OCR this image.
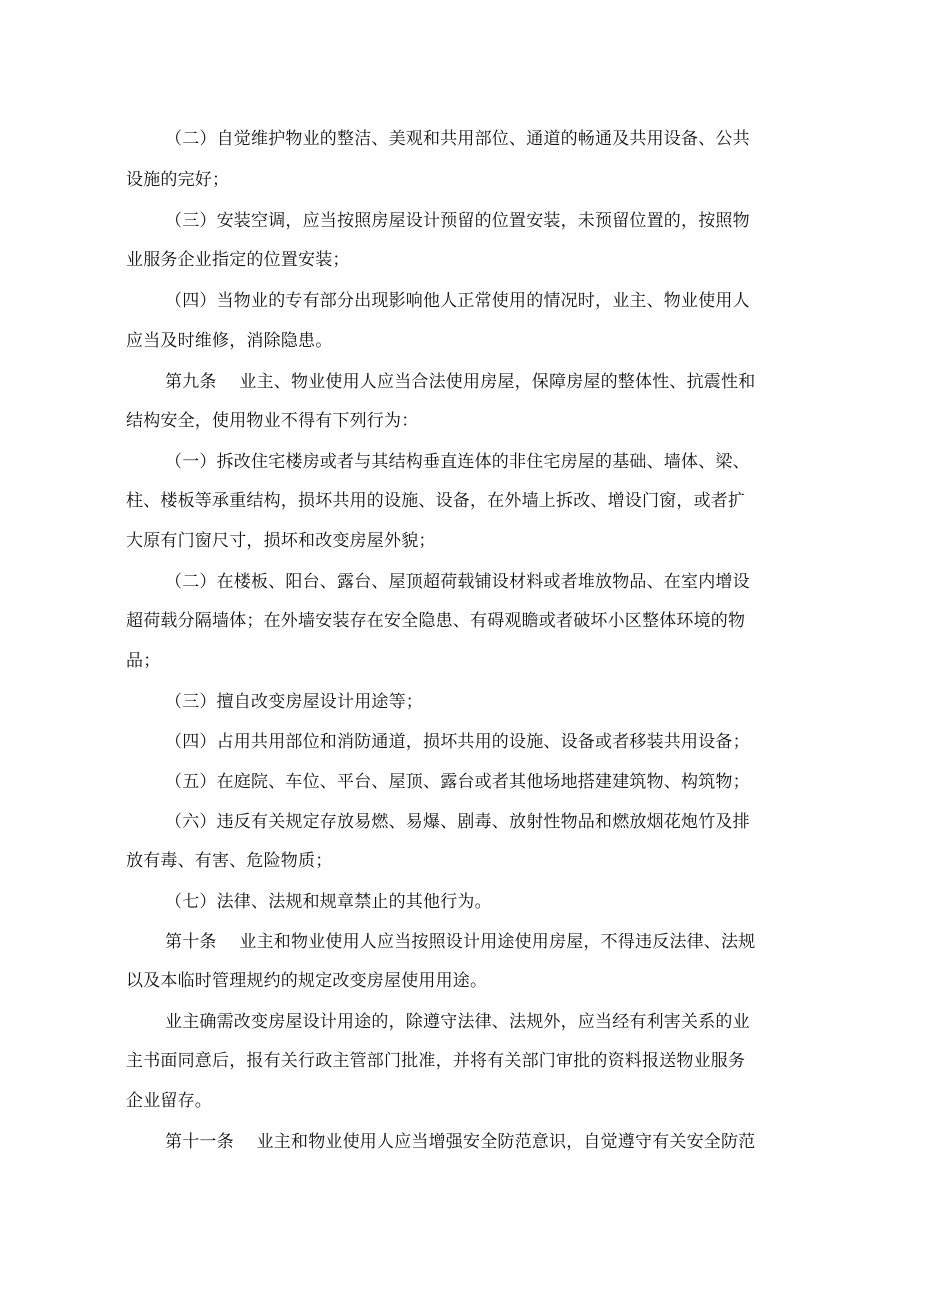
（二）自觉维护物业的整洁、美观和共用部位、通道的畅通及共用设备、公共
设施的完好；
（三）安装空调，应当按照房屋设计预留的位置安装，未预留位置的，按照物
业服务企业指定的位置安装；
（四）当物业的专有部分出现影响他人正常使用的情况时，业主、物业使用人
应当及时维修，消除隐患。
第九条　 业主、物业使用人应当合法使用房屋，保障房屋的整体性、抗震性和
结构安全，使用物业不得有下列行为：
（一）拆改住宅楼房或者与其结构垂直连体的非住宅房屋的基础、墙体、梁、
柱、楼板等承重结构，损坏共用的设施、设备，在外墙上拆改、增设门窗，或者扩
大原有门窗尺寸，损坏和改变房屋外貌；
（二）在楼板、阳台、露台、屋顶超荷载铺设材料或者堆放物品、在室内增设
超荷载分隔墙体；在外墙安装存在安全隐患、有碍观瞻或者破坏小区整体环境的物
品；
（三）擅自改变房屋设计用途等；
（四）占用共用部位和消防通道，损坏共用的设施、设备或者移装共用设备；
（五）在庭院、车位、平台、屋顶、露台或者其他场地搭建建筑物、构筑物；
（六）违反有关规定存放易燃、易爆、剧毒、放射性物品和燃放烟花炮竹及排
放有毒、有害、危险物质；
（七）法律、法规和规章禁止的其他行为。
第十条　 业主和物业使用人应当按照设计用途使用房屋，不得违反法律、法规
以及本临时管理规约的规定改变房屋使用用途。
业主确需改变房屋设计用途的，除遵守法律、法规外，应当经有利害关系的业
主书面同意后，报有关行政主管部门批准，并将有关部门审批的资料报送物业服务
企业留存。
第十一条　 业主和物业使用人应当增强安全防范意识，自觉遵守有关安全防范
